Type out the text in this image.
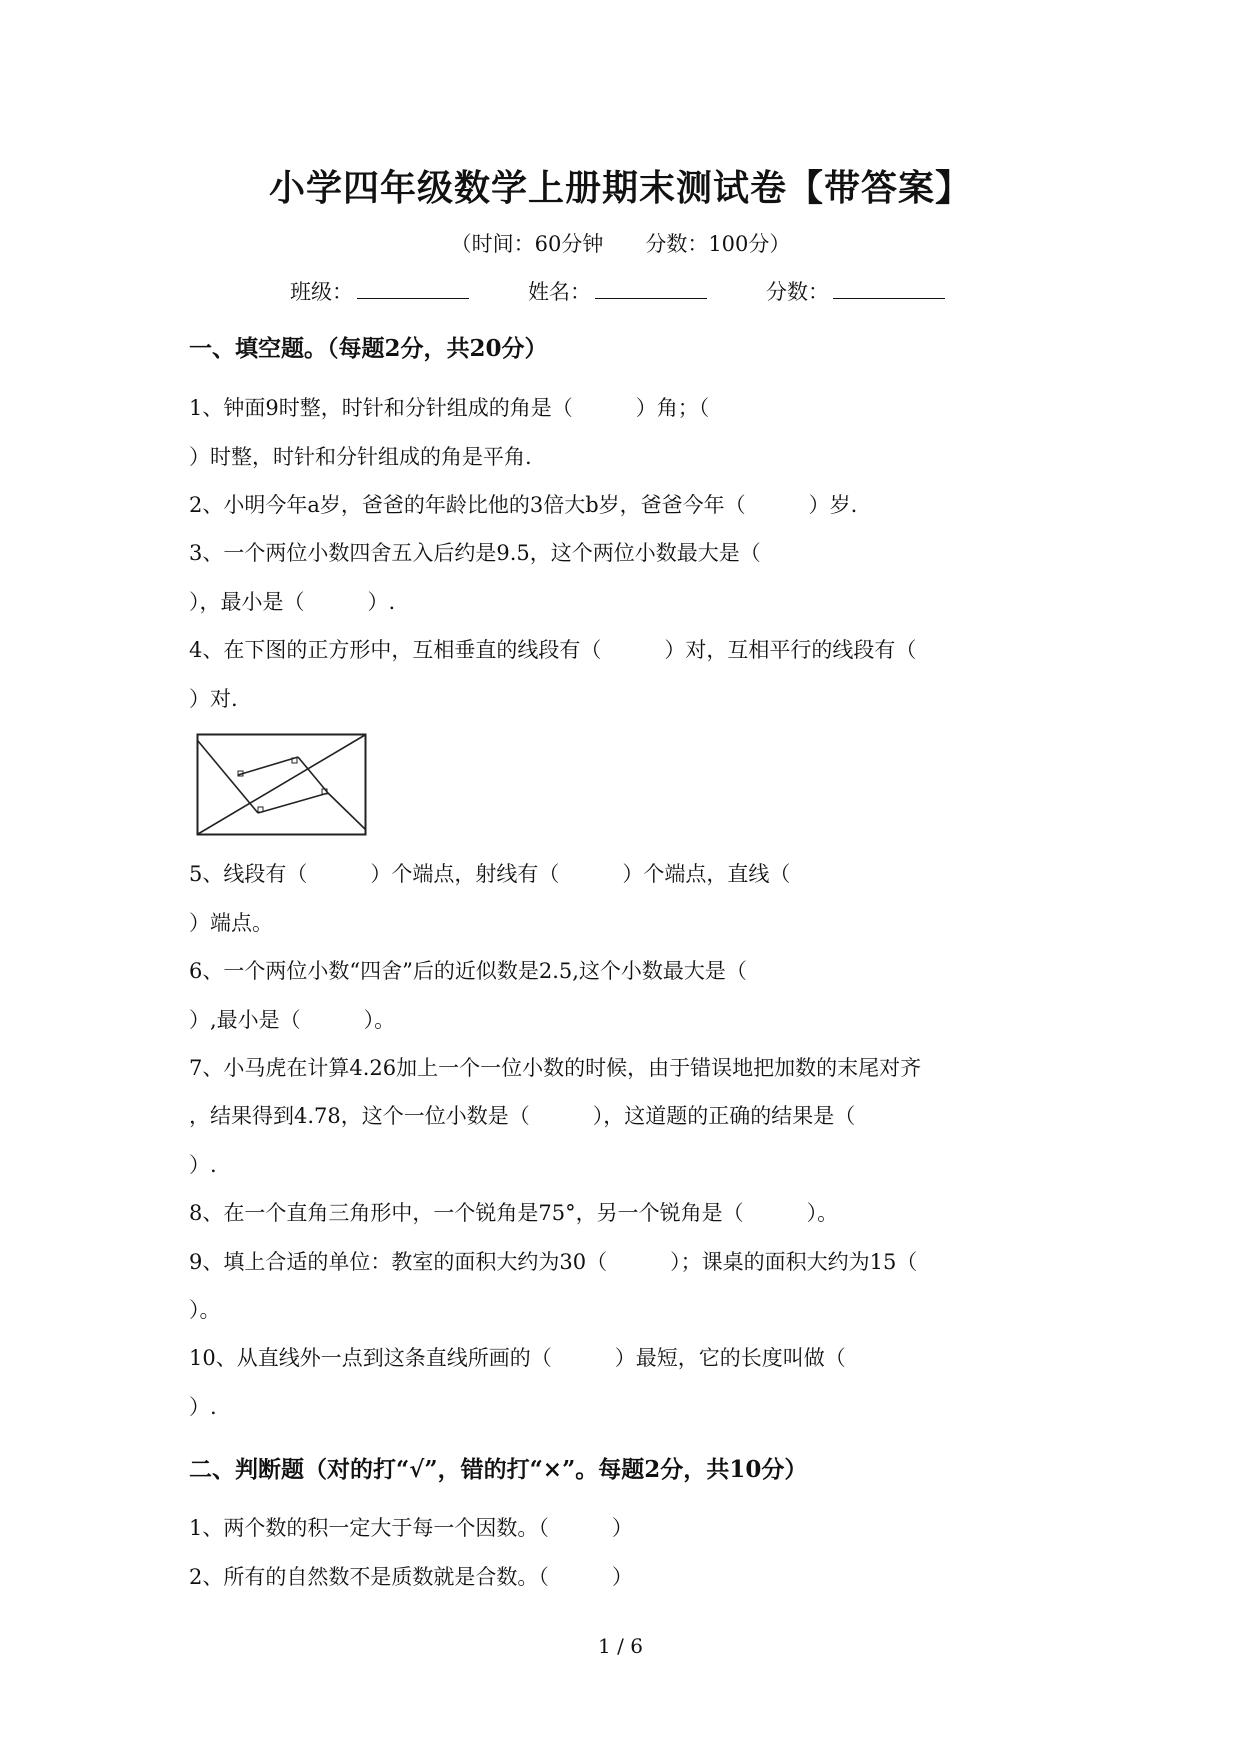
小学四年级数学上册期末测试卷【带答案】
（时间：60分钟　　分数：100分）
班级：	姓名：	分数：
一、填空题。（每题2分，共20分）
1、钟面9时整，时针和分针组成的角是（　　　）角；（
）时整，时针和分针组成的角是平角.
2、小明今年a岁，爸爸的年龄比他的3倍大b岁，爸爸今年（　　　）岁.
3、一个两位小数四舍五入后约是9.5，这个两位小数最大是（
），最小是（　　　）.
4、在下图的正方形中，互相垂直的线段有（　　　）对，互相平行的线段有（
）对.
5、线段有（　　　）个端点，射线有（　　　）个端点，直线（
）端点。
6、一个两位小数“四舍”后的近似数是2.5,这个小数最大是（
）,最小是（　　　）。
7、小马虎在计算4.26加上一个一位小数的时候，由于错误地把加数的末尾对齐
，结果得到4.78，这个一位小数是（　　　），这道题的正确的结果是（
）.
8、在一个直角三角形中，一个锐角是75°，另一个锐角是（　　　）。
9、填上合适的单位：教室的面积大约为30（　　　）；课桌的面积大约为15（
）。
10、从直线外一点到这条直线所画的（　　　）最短，它的长度叫做（
）.
二、判断题（对的打“√”，错的打“×”。每题2分，共10分）
1、两个数的积一定大于每一个因数。（　　　）
2、所有的自然数不是质数就是合数。（　　　）
1 / 6
